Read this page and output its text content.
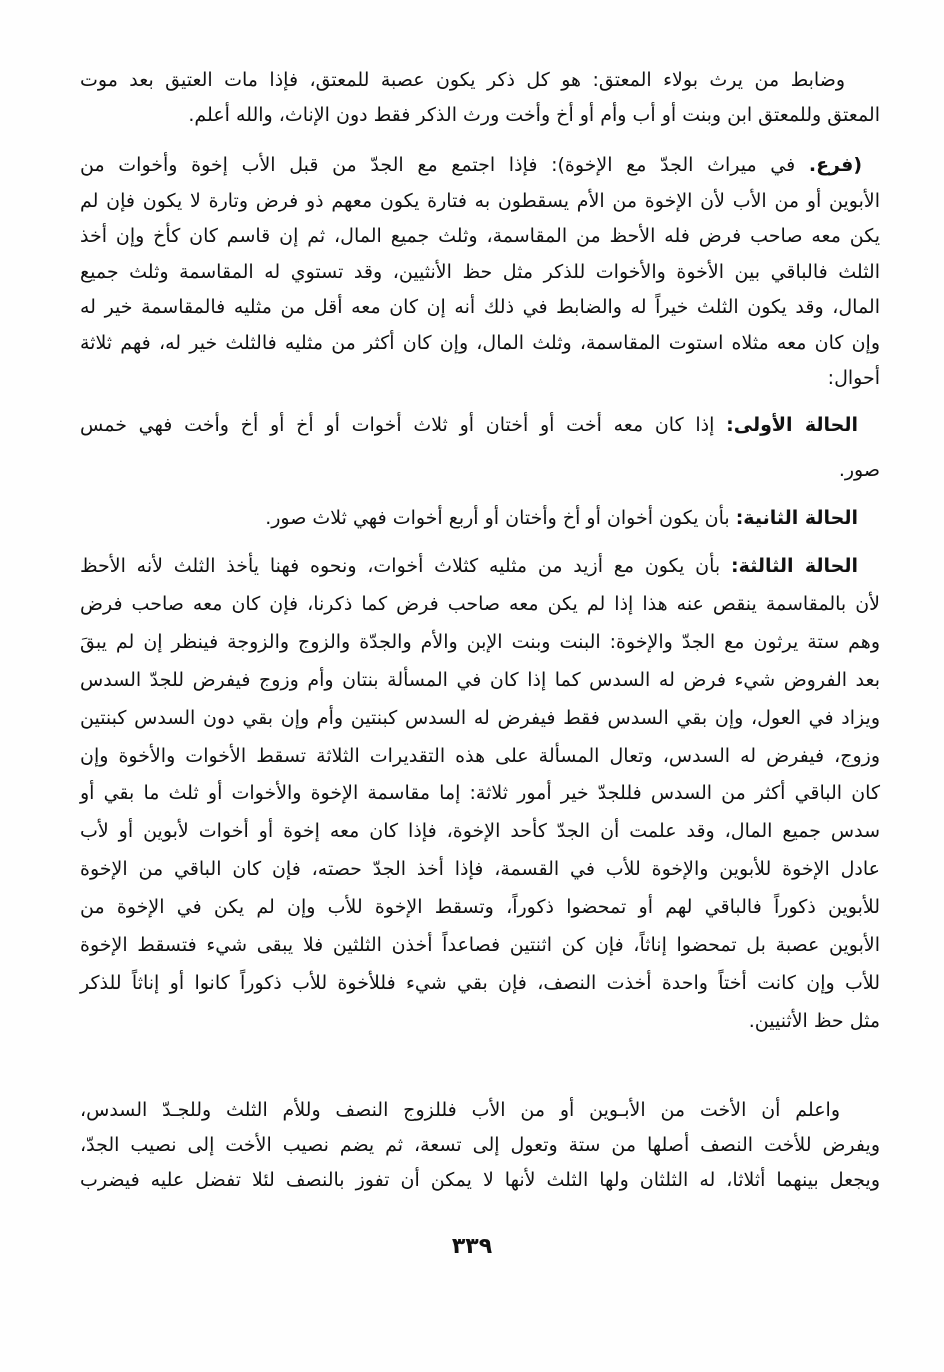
وضابط من يرث بولاء المعتق: هو كل ذكر يكون عصبة للمعتق، فإذا مات العتيق بعد موت
المعتق وللمعتق ابن وبنت أو أب وأم أو أخ وأخت ورث الذكر فقط دون الإناث، والله أعلم.
(فرع. في ميراث الجدّ مع الإخوة): فإذا اجتمع مع الجدّ من قبل الأب إخوة وأخوات من
الأبوين أو من الأب لأن الإخوة من الأم يسقطون به فتارة يكون معهم ذو فرض وتارة لا يكون فإن لم
يكن معه صاحب فرض فله الأحظ من المقاسمة، وثلث جميع المال، ثم إن قاسم كان كأخ وإن أخذ
الثلث فالباقي بين الأخوة والأخوات للذكر مثل حظ الأنثيين، وقد تستوي له المقاسمة وثلث جميع
المال، وقد يكون الثلث خيراً له والضابط في ذلك أنه إن كان معه أقل من مثليه فالمقاسمة خير له
وإن كان معه مثلاه استوت المقاسمة، وثلث المال، وإن كان أكثر من مثليه فالثلث خير له، فهم ثلاثة
أحوال:
الحالة الأولى: إذا كان معه أخت أو أختان أو ثلاث أخوات أو أخ أو أخ وأخت فهي خمس
صور.
الحالة الثانية: بأن يكون أخوان أو أخ وأختان أو أربع أخوات فهي ثلاث صور.
الحالة الثالثة: بأن يكون مع أزيد من مثليه كثلاث أخوات، ونحوه فهنا يأخذ الثلث لأنه الأحظ
لأن بالمقاسمة ينقص عنه هذا إذا لم يكن معه صاحب فرض كما ذكرنا، فإن كان معه صاحب فرض
وهم ستة يرثون مع الجدّ والإخوة: البنت وبنت الإبن والأم والجدّة والزوج والزوجة فينظر إن لم يبقَ
بعد الفروض شيء فرض له السدس كما إذا كان في المسألة بنتان وأم وزوج فيفرض للجدّ السدس
ويزاد في العول، وإن بقي السدس فقط فيفرض له السدس كبنتين وأم وإن بقي دون السدس كبنتين
وزوج، فيفرض له السدس، وتعال المسألة على هذه التقديرات الثلاثة تسقط الأخوات والأخوة وإن
كان الباقي أكثر من السدس فللجدّ خير أمور ثلاثة: إما مقاسمة الإخوة والأخوات أو ثلث ما بقي أو
سدس جميع المال، وقد علمت أن الجدّ كأحد الإخوة، فإذا كان معه إخوة أو أخوات لأبوين أو لأب
عادل الإخوة للأبوين والإخوة للأب في القسمة، فإذا أخذ الجدّ حصته، فإن كان الباقي من الإخوة
للأبوين ذكوراً فالباقي لهم أو تمحضوا ذكوراً، وتسقط الإخوة للأب وإن لم يكن في الإخوة من
الأبوين عصبة بل تمحضوا إناثاً، فإن كن اثنتين فصاعداً أخذن الثلثين فلا يبقى شيء فتسقط الإخوة
للأب وإن كانت أختاً واحدة أخذت النصف، فإن بقي شيء فللأخوة للأب ذكوراً كانوا أو إناثاً للذكر
مثل حظ الأثنيين.
واعلم أن الأخت من الأبـوين أو من الأب فللزوج النصف وللأم الثلث وللجـدّ السدس،
ويفرض للأخت النصف أصلها من ستة وتعول إلى تسعة، ثم يضم نصيب الأخت إلى نصيب الجدّ،
ويجعل بينهما أثلاثا، له الثلثان ولها الثلث لأنها لا يمكن أن تفوز بالنصف لئلا تفضل عليه فيضرب
٣٣٩
